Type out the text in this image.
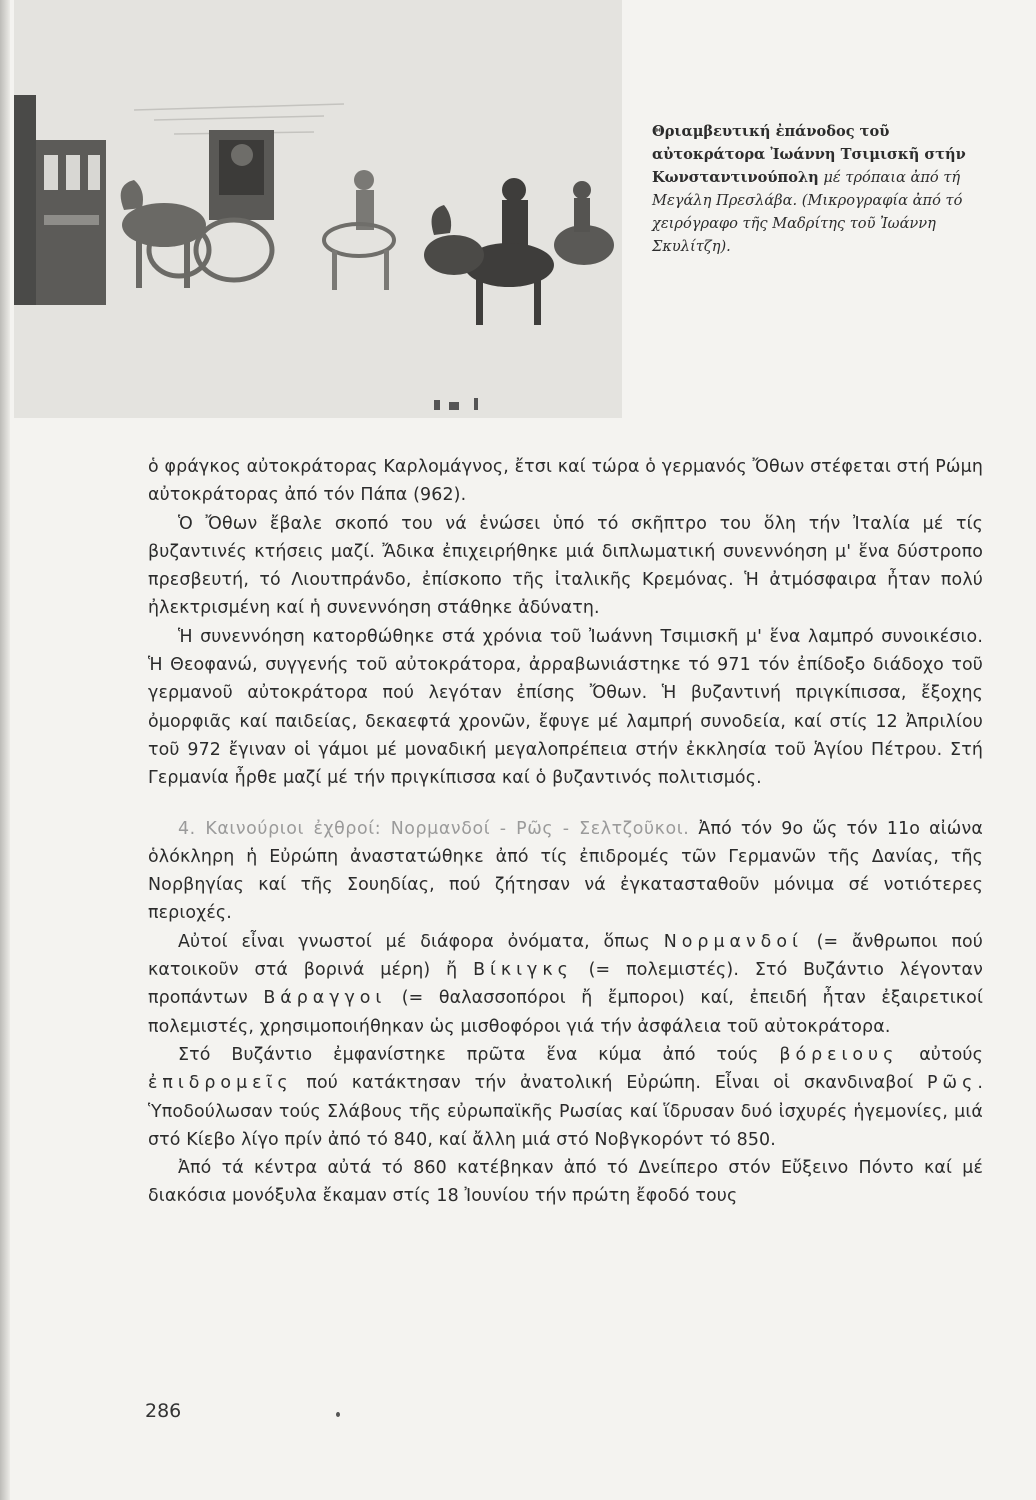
Θριαμβευτική ἐπάνοδος τοῦ αὐτοκράτορα Ἰωάννη Τσιμισκῆ στήν Κωνσταντινούπολη μέ τρόπαια ἀπό τή Μεγάλη Πρεσλάβα. (Μικρογραφία ἀπό τό χειρόγραφο τῆς Μαδρίτης τοῦ Ἰωάννη Σκυλίτζη).

ὁ φράγκος αὐτοκράτορας Καρλομάγνος, ἔτσι καί τώρα ὁ γερμανός Ὄθων στέφεται στή Ρώμη αὐτοκράτορας ἀπό τόν Πάπα (962).

Ὁ Ὄθων ἔβαλε σκοπό του νά ἑνώσει ὑπό τό σκῆπτρο του ὅλη τήν Ἰταλία μέ τίς βυζαντινές κτήσεις μαζί. Ἄδικα ἐπιχειρήθηκε μιά διπλωματική συνεννόηση μ' ἕνα δύστροπο πρεσβευτή, τό Λιουτπράνδο, ἐπίσκοπο τῆς ἰταλικῆς Κρεμόνας. Ἡ ἀτμόσφαιρα ἦταν πολύ ἠλεκτρισμένη καί ἡ συνεννόηση στάθηκε ἀδύνατη.

Ἡ συνεννόηση κατορθώθηκε στά χρόνια τοῦ Ἰωάννη Τσιμισκῆ μ' ἕνα λαμπρό συνοικέσιο. Ἡ Θεοφανώ, συγγενής τοῦ αὐτοκράτορα, ἀρραβωνιάστηκε τό 971 τόν ἐπίδοξο διάδοχο τοῦ γερμανοῦ αὐτοκράτορα πού λεγόταν ἐπίσης Ὄθων. Ἡ βυζαντινή πριγκίπισσα, ἔξοχης ὀμορφιᾶς καί παιδείας, δεκαεφτά χρονῶν, ἔφυγε μέ λαμπρή συνοδεία, καί στίς 12 Ἀπριλίου τοῦ 972 ἔγιναν οἱ γάμοι μέ μοναδική μεγαλοπρέπεια στήν ἐκκλησία τοῦ Ἁγίου Πέτρου. Στή Γερμανία ἦρθε μαζί μέ τήν πριγκίπισσα καί ὁ βυζαντινός πολιτισμός.

4. Καινούριοι ἐχθροί: Νορμανδοί - Ρῶς - Σελτζοῦκοι. Ἀπό τόν 9ο ὥς τόν 11ο αἰώνα ὁλόκληρη ἡ Εὐρώπη ἀναστατώθηκε ἀπό τίς ἐπιδρομές τῶν Γερμανῶν τῆς Δανίας, τῆς Νορβηγίας καί τῆς Σουηδίας, πού ζήτησαν νά ἐγκατασταθοῦν μόνιμα σέ νοτιότερες περιοχές.

Αὐτοί εἶναι γνωστοί μέ διάφορα ὀνόματα, ὅπως Νορμανδοί (= ἄνθρωποι πού κατοικοῦν στά βορινά μέρη) ἤ Βίκιγκς (= πολεμιστές). Στό Βυζάντιο λέγονταν προπάντων Βάραγγοι (= θαλασσοπόροι ἤ ἔμποροι) καί, ἐπειδή ἦταν ἐξαιρετικοί πολεμιστές, χρησιμοποιήθηκαν ὡς μισθοφόροι γιά τήν ἀσφάλεια τοῦ αὐτοκράτορα.

Στό Βυζάντιο ἐμφανίστηκε πρῶτα ἕνα κύμα ἀπό τούς βόρειους αὐτούς ἐπιδρομεῖς πού κατάκτησαν τήν ἀνατολική Εὐρώπη. Εἶναι οἱ σκανδιναβοί Ρῶς. Ὑποδούλωσαν τούς Σλάβους τῆς εὐρωπαϊκῆς Ρωσίας καί ἵδρυσαν δυό ἰσχυρές ἡγεμονίες, μιά στό Κίεβο λίγο πρίν ἀπό τό 840, καί ἄλλη μιά στό Νοβγκορόντ τό 850.

Ἀπό τά κέντρα αὐτά τό 860 κατέβηκαν ἀπό τό Δνείπερο στόν Εὔξεινο Πόντο καί μέ διακόσια μονόξυλα ἔκαμαν στίς 18 Ἰουνίου τήν πρώτη ἔφοδό τους

286
